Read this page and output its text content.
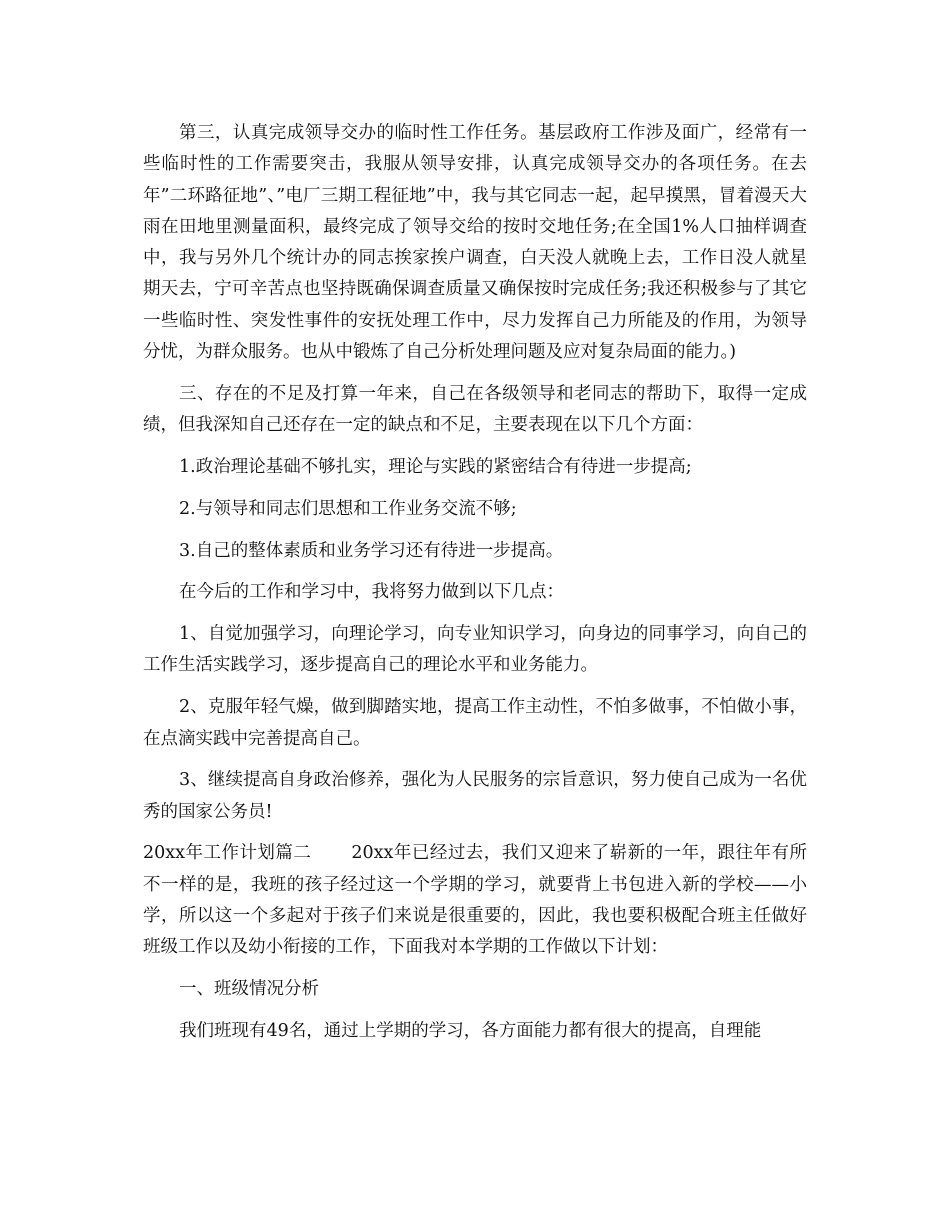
第三，认真完成领导交办的临时性工作任务。基层政府工作涉及面广，经常有一些临时性的工作需要突击，我服从领导安排，认真完成领导交办的各项任务。在去年”二环路征地”、”电厂三期工程征地”中，我与其它同志一起，起早摸黑，冒着漫天大雨在田地里测量面积，最终完成了领导交给的按时交地任务;在全国1%人口抽样调查中，我与另外几个统计办的同志挨家挨户调查，白天没人就晚上去，工作日没人就星期天去，宁可辛苦点也坚持既确保调查质量又确保按时完成任务;我还积极参与了其它一些临时性、突发性事件的安抚处理工作中，尽力发挥自己力所能及的作用，为领导分忧，为群众服务。也从中锻炼了自己分析处理问题及应对复杂局面的能力。)

三、存在的不足及打算一年来，自己在各级领导和老同志的帮助下，取得一定成绩，但我深知自己还存在一定的缺点和不足，主要表现在以下几个方面：

1.政治理论基础不够扎实，理论与实践的紧密结合有待进一步提高;

2.与领导和同志们思想和工作业务交流不够;

3.自己的整体素质和业务学习还有待进一步提高。

在今后的工作和学习中，我将努力做到以下几点：

1、自觉加强学习，向理论学习，向专业知识学习，向身边的同事学习，向自己的工作生活实践学习，逐步提高自己的理论水平和业务能力。

2、克服年轻气燥，做到脚踏实地，提高工作主动性，不怕多做事，不怕做小事，在点滴实践中完善提高自己。

3、继续提高自身政治修养，强化为人民服务的宗旨意识，努力使自己成为一名优秀的国家公务员!

20xx年工作计划篇二 20xx年已经过去，我们又迎来了崭新的一年，跟往年有所不一样的是，我班的孩子经过这一个学期的学习，就要背上书包进入新的学校——小学，所以这一个多起对于孩子们来说是很重要的，因此，我也要积极配合班主任做好班级工作以及幼小衔接的工作，下面我对本学期的工作做以下计划：

一、班级情况分析

我们班现有49名，通过上学期的学习，各方面能力都有很大的提高，自理能
